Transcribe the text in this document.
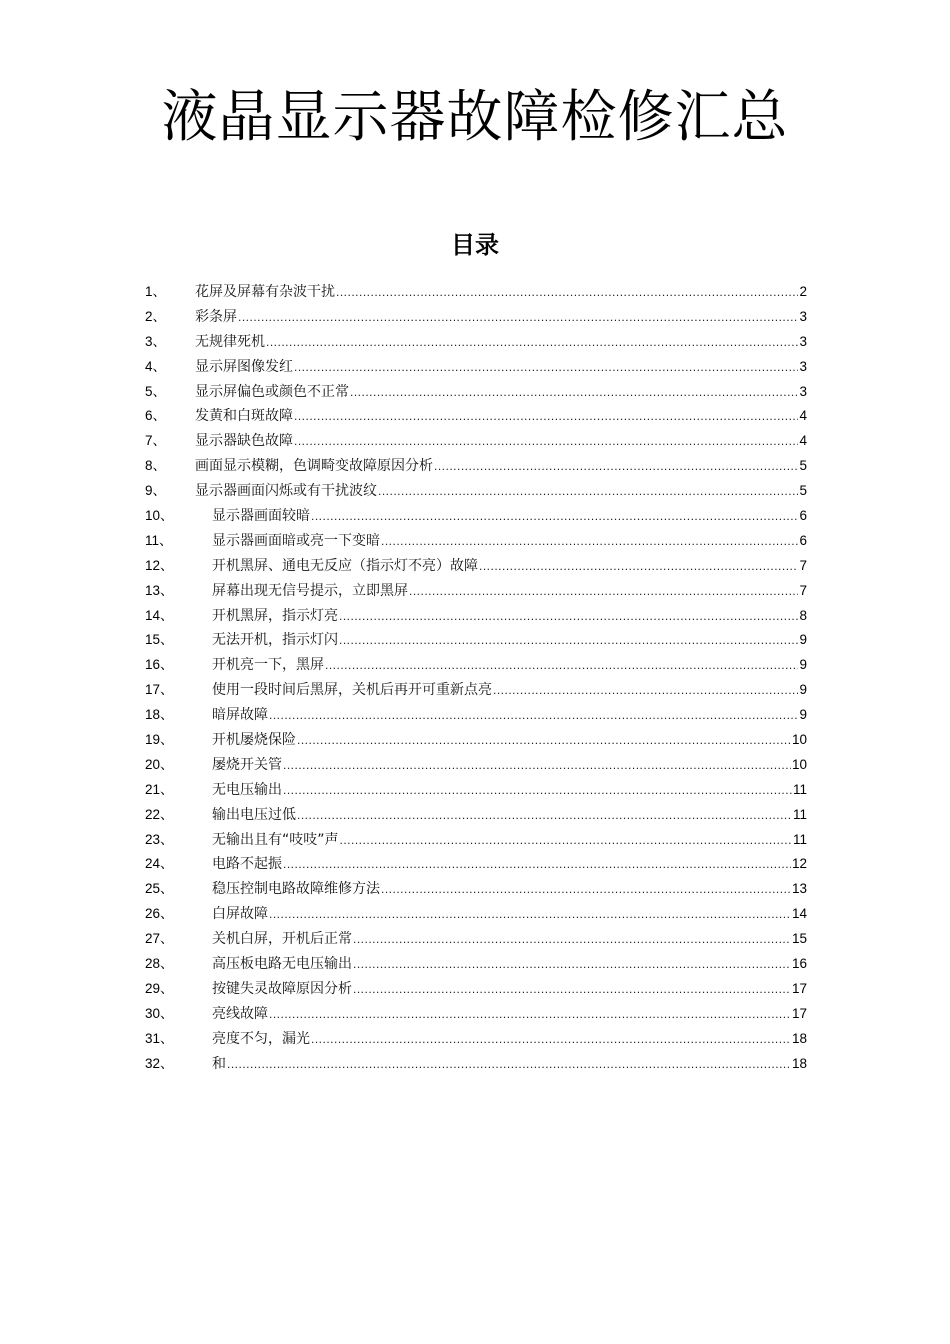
液晶显示器故障检修汇总
目录
1、	花屏及屏幕有杂波干扰 .....	2
2、	彩条屏 .....	3
3、	无规律死机 .....	3
4、	显示屏图像发红 .....	3
5、	显示屏偏色或颜色不正常 .....	3
6、	发黄和白斑故障 .....	4
7、	显示器缺色故障 .....	4
8、	画面显示模糊，色调畸变故障原因分析 .....	5
9、	显示器画面闪烁或有干扰波纹 .....	5
10、	显示器画面较暗 .....	6
11、	显示器画面暗或亮一下变暗 .....	6
12、	开机黑屏、通电无反应（指示灯不亮）故障 .....	7
13、	屏幕出现无信号提示，立即黑屏 .....	7
14、	开机黑屏，指示灯亮 .....	8
15、	无法开机，指示灯闪 .....	9
16、	开机亮一下，黑屏 .....	9
17、	使用一段时间后黑屏，关机后再开可重新点亮 .....	9
18、	暗屏故障 .....	9
19、	开机屡烧保险 .....	10
20、	屡烧开关管 .....	10
21、	无电压输出 .....	11
22、	输出电压过低 .....	11
23、	无输出且有“吱吱”声 .....	11
24、	电路不起振 .....	12
25、	稳压控制电路故障维修方法 .....	13
26、	白屏故障 .....	14
27、	关机白屏，开机后正常 .....	15
28、	高压板电路无电压输出 .....	16
29、	按键失灵故障原因分析 .....	17
30、	亮线故障 .....	17
31、	亮度不匀，漏光 .....	18
32、	和 .....	18
